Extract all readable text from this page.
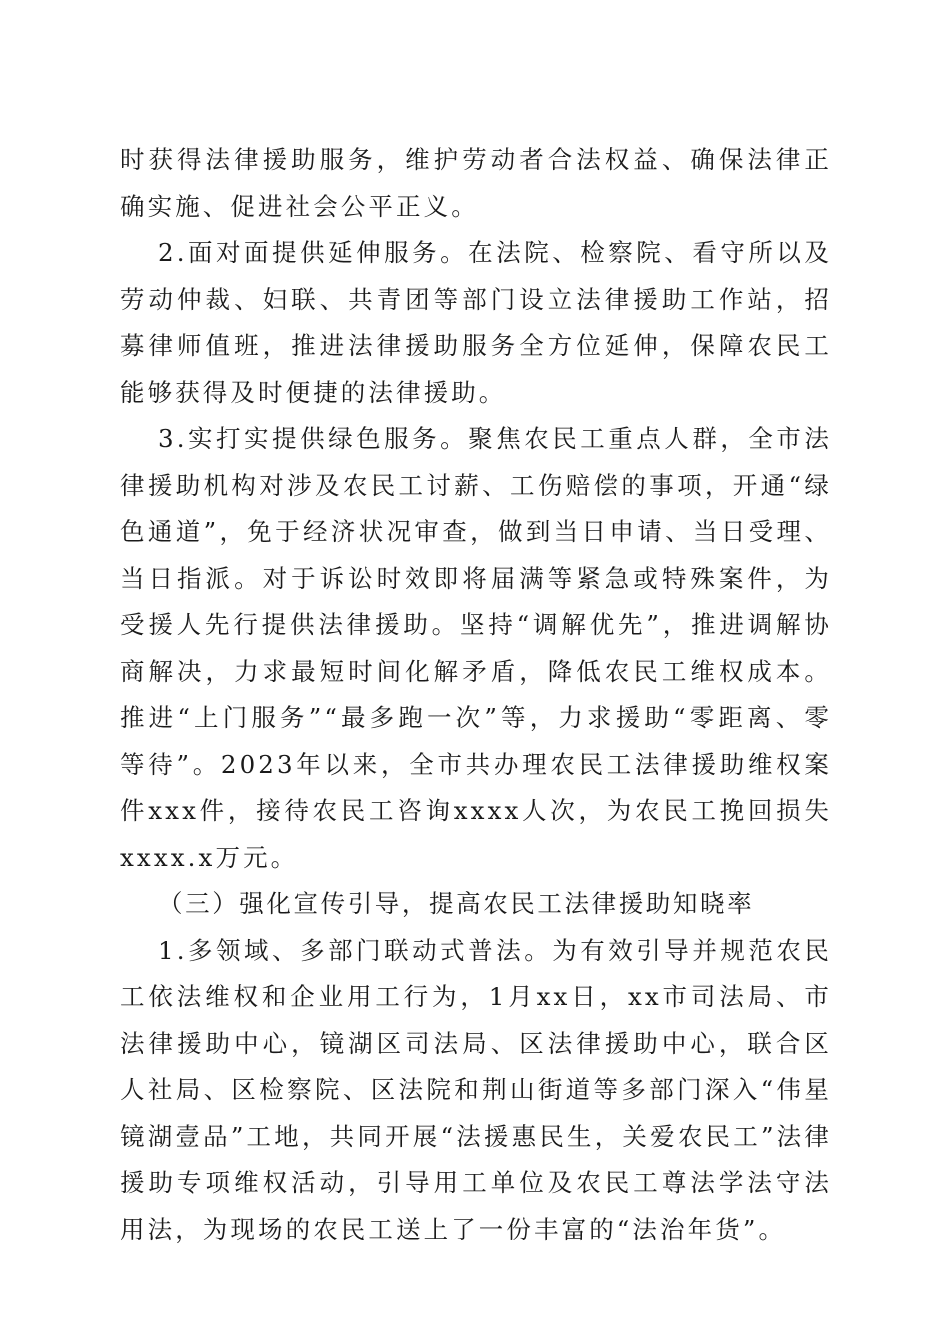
时获得法律援助服务，维护劳动者合法权益、确保法律正确实施、促进社会公平正义。

2.面对面提供延伸服务。在法院、检察院、看守所以及劳动仲裁、妇联、共青团等部门设立法律援助工作站，招募律师值班，推进法律援助服务全方位延伸，保障农民工能够获得及时便捷的法律援助。

3.实打实提供绿色服务。聚焦农民工重点人群，全市法律援助机构对涉及农民工讨薪、工伤赔偿的事项，开通“绿色通道”，免于经济状况审查，做到当日申请、当日受理、当日指派。对于诉讼时效即将届满等紧急或特殊案件，为受援人先行提供法律援助。坚持“调解优先”，推进调解协商解决，力求最短时间化解矛盾，降低农民工维权成本。推进“上门服务”“最多跑一次”等，力求援助“零距离、零等待”。2023年以来，全市共办理农民工法律援助维权案件xxx件，接待农民工咨询xxxx人次，为农民工挽回损失xxxx.x万元。

（三）强化宣传引导，提高农民工法律援助知晓率

1.多领域、多部门联动式普法。为有效引导并规范农民工依法维权和企业用工行为，1月xx日，xx市司法局、市法律援助中心，镜湖区司法局、区法律援助中心，联合区人社局、区检察院、区法院和荆山街道等多部门深入“伟星镜湖壹品”工地，共同开展“法援惠民生，关爱农民工”法律援助专项维权活动，引导用工单位及农民工尊法学法守法用法，为现场的农民工送上了一份丰富的“法治年货”。
